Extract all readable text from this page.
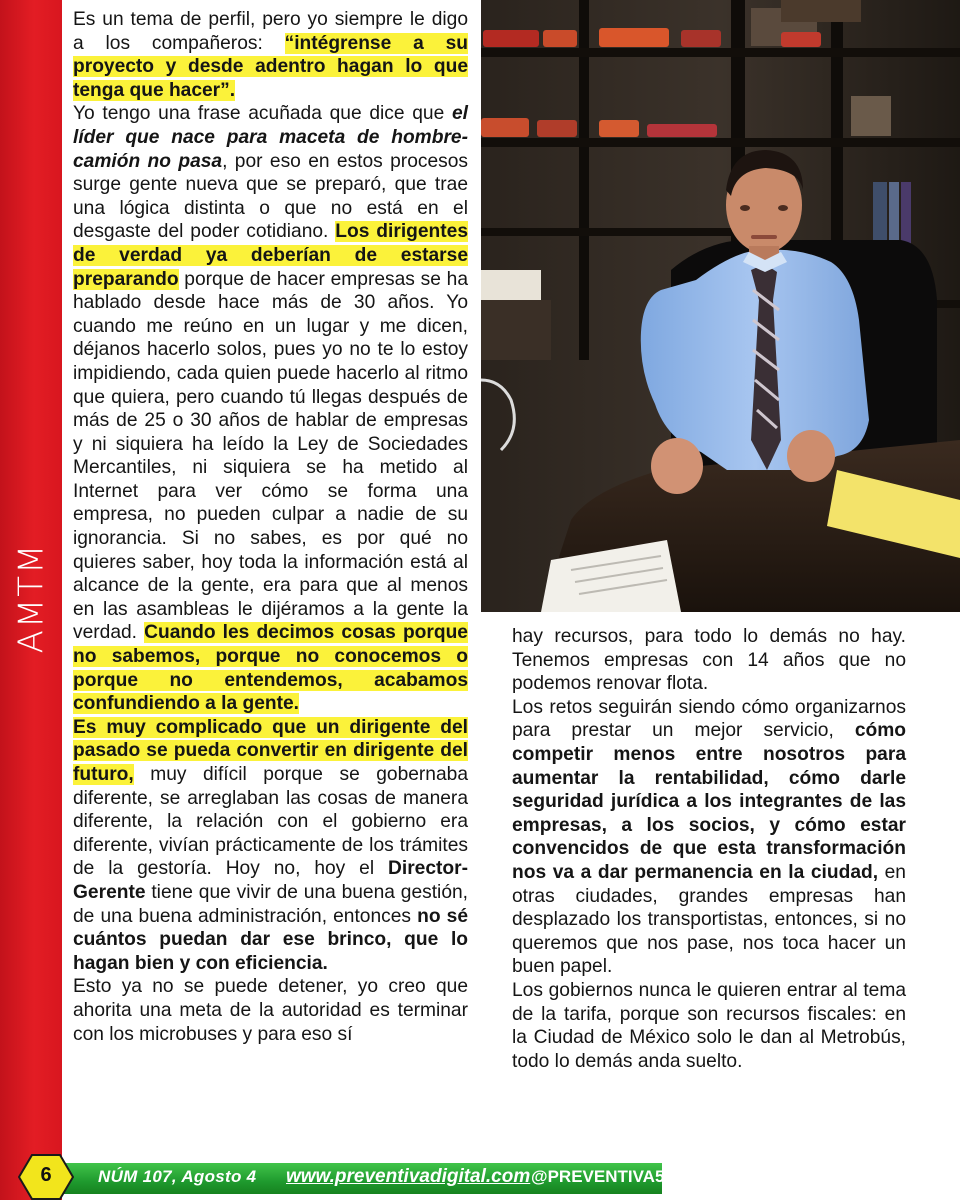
AMTM

Es un tema de perfil, pero yo siempre le digo a los compañeros: “intégrense a su proyecto y desde adentro hagan lo que tenga que hacer”.

Yo tengo una frase acuñada que dice que el líder que nace para maceta de hombre-camión no pasa, por eso en estos procesos surge gente nueva que se preparó, que trae una lógica distinta o que no está en el desgaste del poder cotidiano. Los dirigentes de verdad ya deberían de estarse preparando porque de hacer empresas se ha hablado desde hace más de 30 años. Yo cuando me reúno en un lugar y me dicen, déjanos hacerlo solos, pues yo no te lo estoy impidiendo, cada quien puede hacerlo al ritmo que quiera, pero cuando tú llegas después de más de 25 o 30 años de hablar de empresas y ni siquiera ha leído la Ley de Sociedades Mercantiles, ni siquiera se ha metido al Internet para ver cómo se forma una empresa, no pueden culpar a nadie de su ignorancia. Si no sabes, es por qué no quieres saber, hoy toda la información está al alcance de la gente, era para que al menos en las asambleas le dijéramos a la gente la verdad. Cuando les decimos cosas porque no sabemos, porque no conocemos o porque no entendemos, acabamos confundiendo a la gente.

Es muy complicado que un dirigente del pasado se pueda convertir en dirigente del futuro, muy difícil porque se gobernaba diferente, se arreglaban las cosas de manera diferente, la relación con el gobierno era diferente, vivían prácticamente de los trámites de la gestoría. Hoy no, hoy el Director-Gerente tiene que vivir de una buena gestión, de una buena administración, entonces no sé cuántos puedan dar ese brinco, que lo hagan bien y con eficiencia.

Esto ya no se puede detener, yo creo que ahorita una meta de la autoridad es terminar con los microbuses y para eso sí

hay recursos, para todo lo demás no hay. Tenemos empresas con 14 años que no podemos renovar flota.

Los retos seguirán siendo cómo organizarnos para prestar un mejor servicio, cómo competir menos entre nosotros para aumentar la rentabilidad, cómo darle seguridad jurídica a los integrantes de las empresas, a los socios, y cómo estar convencidos de que esta transformación nos va a dar permanencia en la ciudad, en otras ciudades, grandes empresas han desplazado los transportistas, entonces, si no queremos que nos pase, nos toca hacer un buen papel.

Los gobiernos nunca le quieren entrar al tema de la tarifa, porque son recursos fiscales: en la Ciudad de México solo le dan al Metrobús, todo lo demás anda suelto.

6	NÚM 107, Agosto 4 www.preventivadigital.com @PREVENTIVA50
